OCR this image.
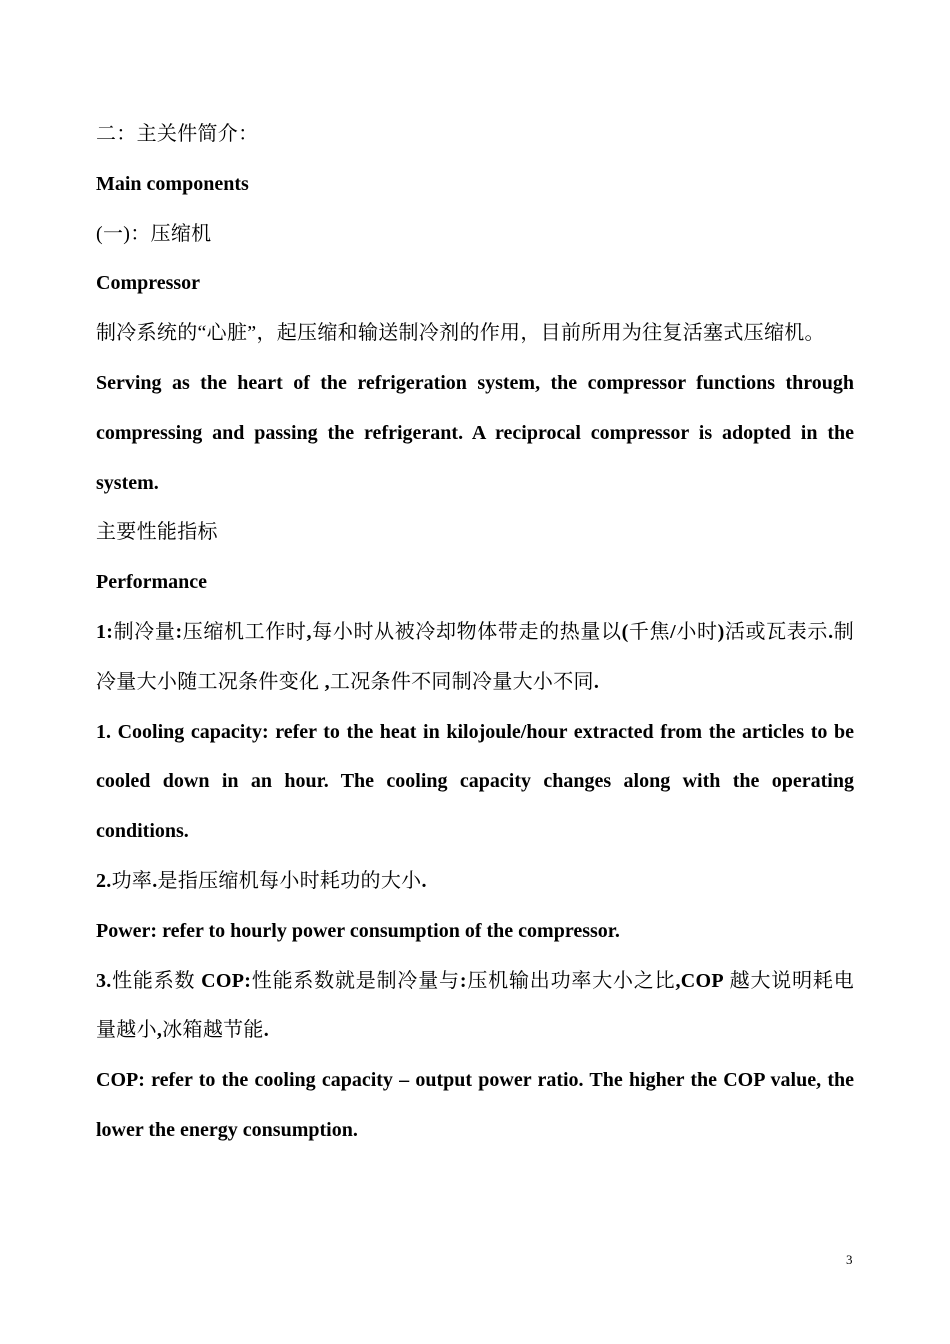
二：主关件简介：

Main components

(一)：压缩机

Compressor

制冷系统的“心脏”，起压缩和输送制冷剂的作用，目前所用为往复活塞式压缩机。

Serving as the heart of the refrigeration system, the compressor functions through compressing and passing the refrigerant. A reciprocal compressor is adopted in the system.

主要性能指标

Performance

1:制冷量:压缩机工作时,每小时从被冷却物体带走的热量以(千焦/小时)活或瓦表示.制冷量大小随工况条件变化 ,工况条件不同制冷量大小不同.

1. Cooling capacity: refer to the heat in kilojoule/hour extracted from the articles to be cooled down in an hour. The cooling capacity changes along with the operating conditions.

2.功率.是指压缩机每小时耗功的大小.

Power: refer to hourly power consumption of the compressor.

3.性能系数 COP:性能系数就是制冷量与:压机输出功率大小之比,COP 越大说明耗电量越小,冰箱越节能.

COP: refer to the cooling capacity – output power ratio. The higher the COP value, the lower the energy consumption.

3
